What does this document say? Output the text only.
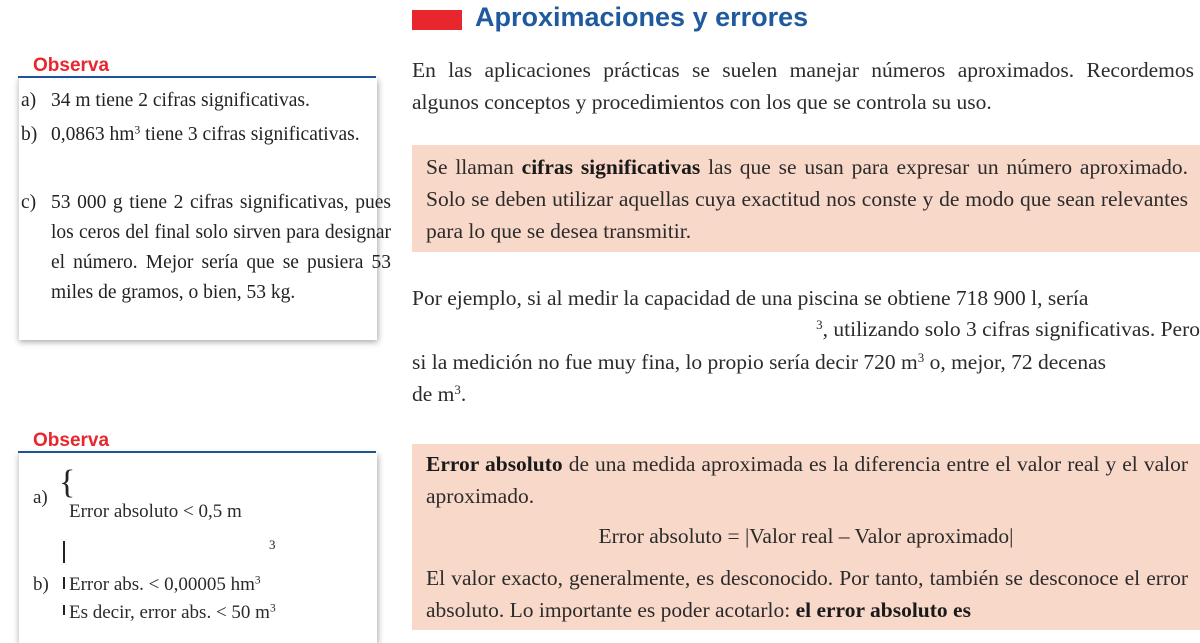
Aproximaciones y errores
Observa
a) 34 m tiene 2 cifras significativas.
b) 0,0863 $hm^3$ tiene 3 cifras significativas.
c) 53 000 g tiene 2 cifras significativas, pues los ceros del final solo sirven para designar el número. Mejor sería que se pusiera 53 miles de gramos, o bien, 53 kg.
Observa
a) {
Error absoluto < 0,5 m
3
b) Error abs. < 0,00005 $hm^3$
Es decir, error abs. < 50 $m^3$
En las aplicaciones prácticas se suelen manejar números aproximados. Recordemos algunos conceptos y procedimientos con los que se controla su uso.
Se llaman cifras significativas las que se usan para expresar un número aproximado. Solo se deben utilizar aquellas cuya exactitud nos conste y de modo que sean relevantes para lo que se desea transmitir.
Por ejemplo, si al medir la capacidad de una piscina se obtiene 718 900 l, sería
$^3$, utilizando solo 3 cifras significativas. Pero
si la medición no fue muy fina, lo propio sería decir 720 $m^3$ o, mejor, 72 decenas
de $m^3$.
Error absoluto de una medida aproximada es la diferencia entre el valor real y el valor aproximado.
Error absoluto = |Valor real – Valor aproximado|
El valor exacto, generalmente, es desconocido. Por tanto, también se desconoce el error absoluto. Lo importante es poder acotarlo: el error absoluto es
